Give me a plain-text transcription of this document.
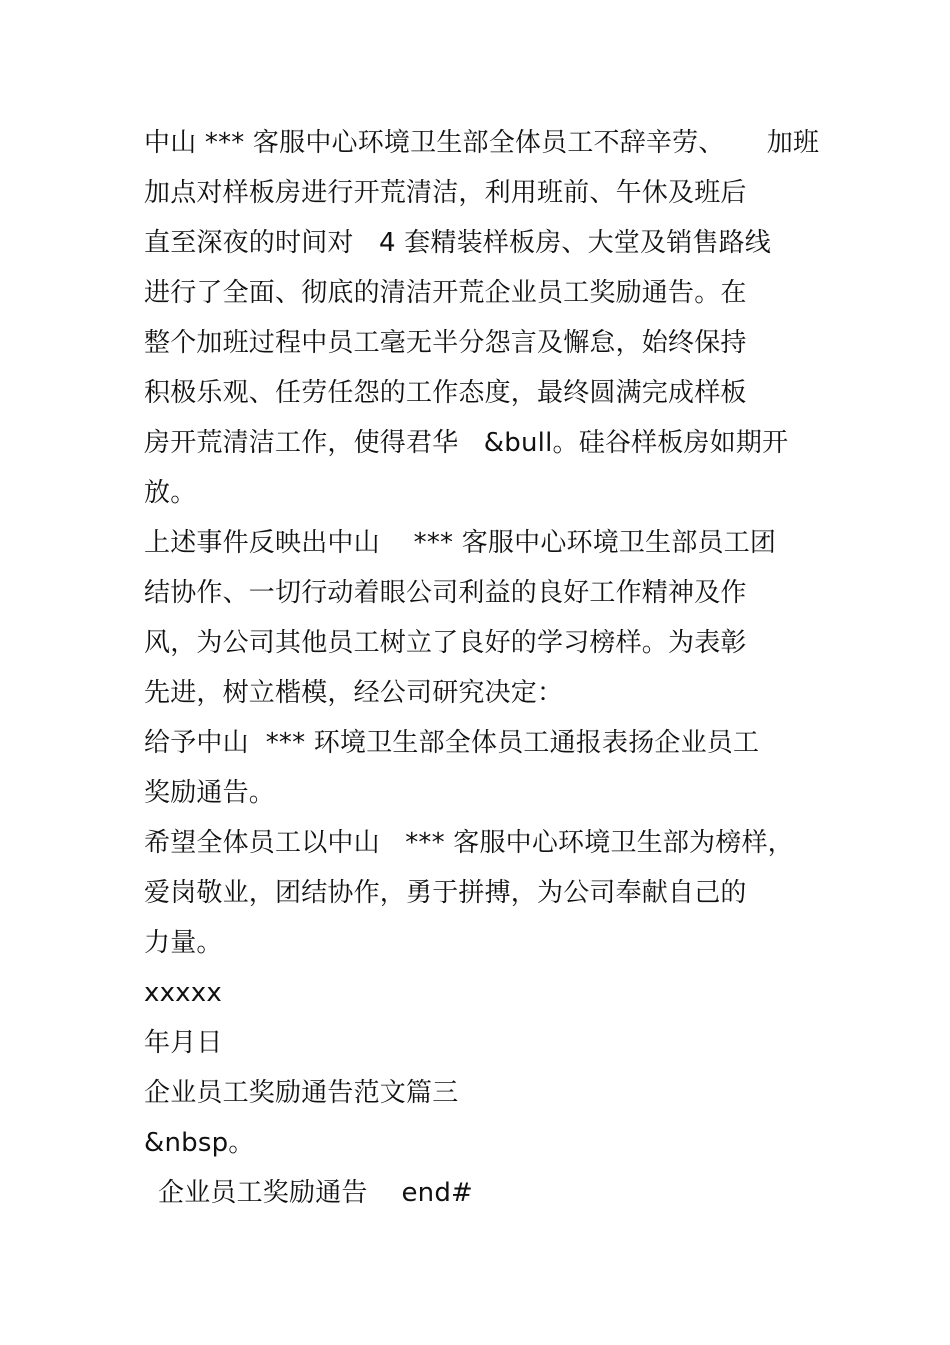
中山 *** 客服中心环境卫生部全体员工不辞辛劳、     加班
加点对样板房进行开荒清洁，利用班前、午休及班后
直至深夜的时间对   4 套精装样板房、大堂及销售路线
进行了全面、彻底的清洁开荒企业员工奖励通告。在
整个加班过程中员工毫无半分怨言及懈怠，始终保持
积极乐观、任劳任怨的工作态度，最终圆满完成样板
房开荒清洁工作，使得君华   &bull。硅谷样板房如期开
放。
上述事件反映出中山    *** 客服中心环境卫生部员工团
结协作、一切行动着眼公司利益的良好工作精神及作
风，为公司其他员工树立了良好的学习榜样。为表彰
先进，树立楷模，经公司研究决定：
给予中山  *** 环境卫生部全体员工通报表扬企业员工
奖励通告。
希望全体员工以中山   *** 客服中心环境卫生部为榜样，
爱岗敬业，团结协作，勇于拼搏，为公司奉献自己的
力量。
xxxxx
年月日
企业员工奖励通告范文篇三
&nbsp。
企业员工奖励通告    end#
